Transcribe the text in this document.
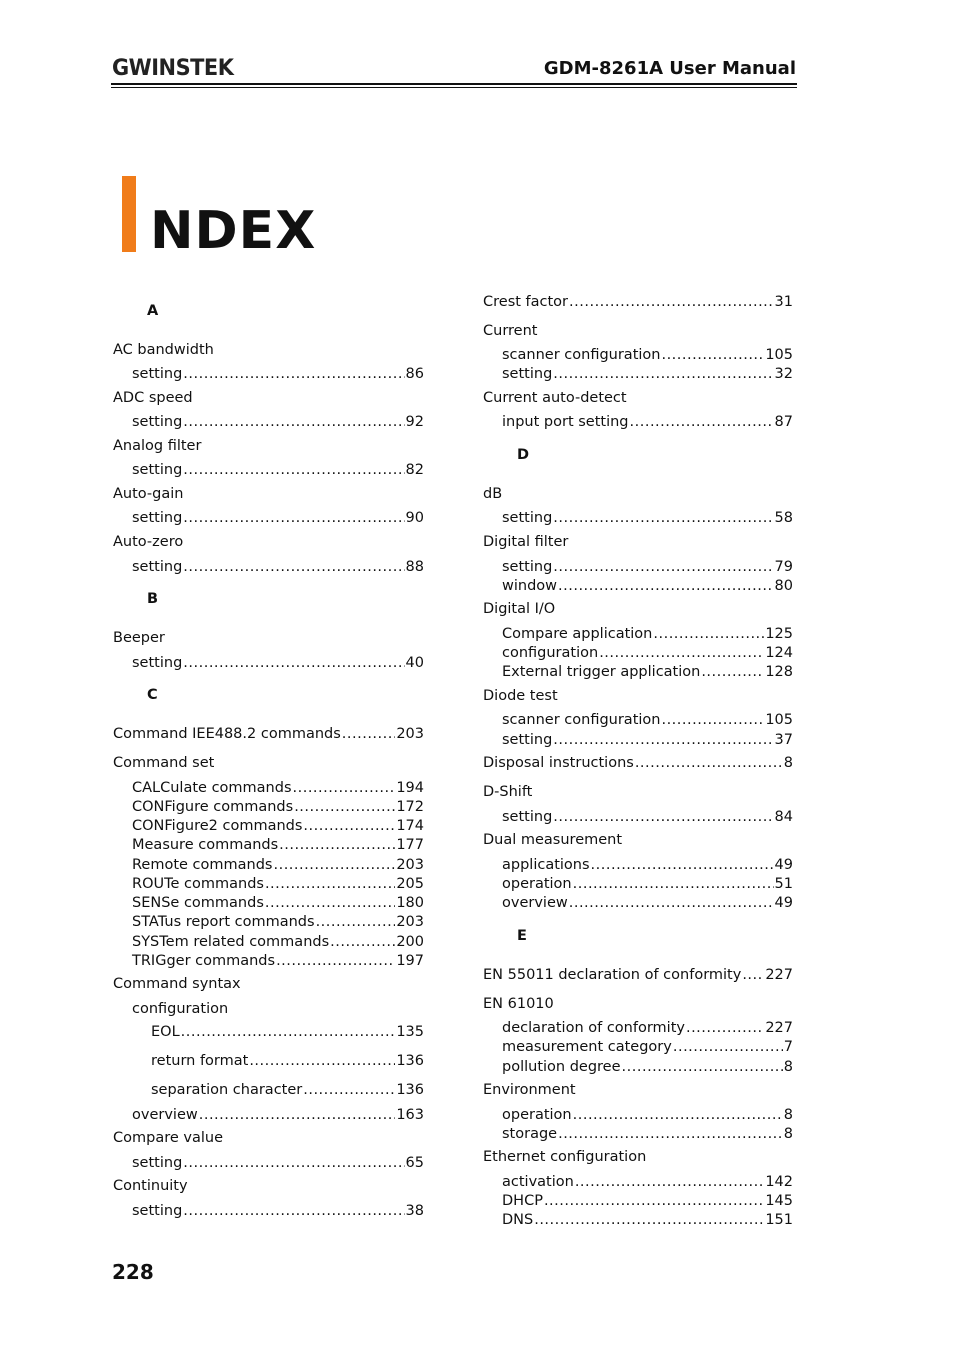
GWINSTEK	GDM-8261A User Manual
NDEX
A
AC bandwidth
setting .....	86
ADC speed
setting .....	92
Analog filter
setting .....	82
Auto-gain
setting .....	90
Auto-zero
setting .....	88
B
Beeper
setting .....	40
C
Command IEE488.2 commands .....	203
Command set
CALCulate commands .....	194
CONFigure commands .....	172
CONFigure2 commands .....	174
Measure commands .....	177
Remote commands .....	203
ROUTe commands .....	205
SENSe commands .....	180
STATus report commands .....	203
SYSTem related commands .....	200
TRIGger commands .....	197
Command syntax
configuration
EOL .....	135
return format .....	136
separation character .....	136
overview .....	163
Compare value
setting .....	65
Continuity
setting .....	38
Crest factor .....	31
Current
scanner configuration .....	105
setting .....	32
Current auto-detect
input port setting .....	87
D
dB
setting .....	58
Digital filter
setting .....	79
window .....	80
Digital I/O
Compare application .....	125
configuration .....	124
External trigger application .....	128
Diode test
scanner configuration .....	105
setting .....	37
Disposal instructions .....	8
D-Shift
setting .....	84
Dual measurement
applications .....	49
operation .....	51
overview .....	49
E
EN 55011 declaration of conformity ..... 227
EN 61010
declaration of conformity .....	227
measurement category .....	7
pollution degree .....	8
Environment
operation .....	8
storage .....	8
Ethernet configuration
activation .....	142
DHCP .....	145
DNS .....	151
228
